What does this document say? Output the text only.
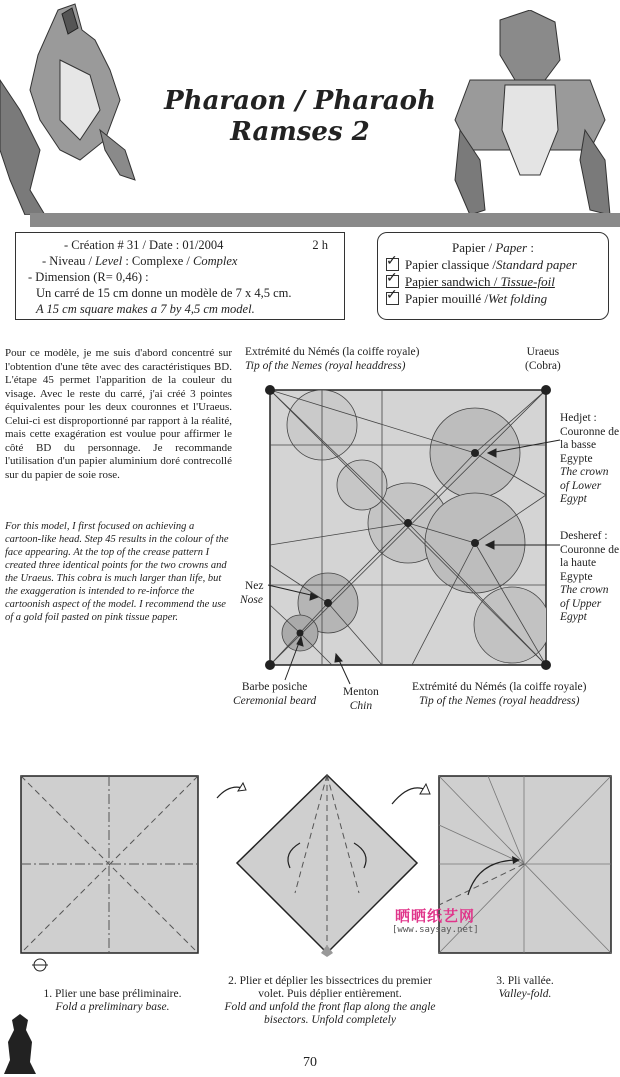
Pharaon / Pharaoh
Ramses 2
- Création # 31 / Date : 01/2004	2 h
- Niveau / Level : Complexe / Complex
- Dimension (R= 0,46) :
Un carré de 15 cm donne un modèle de 7 x 4,5 cm.
A 15 cm square makes a 7 by 4,5 cm model.
Papier / Paper :
✓
Papier classique / Standard paper
✓
Papier sandwich / Tissue-foil
✓
Papier mouillé / Wet folding
Pour ce modèle, je me suis d'abord concentré sur l'obtention d'une tête avec des caractéristiques BD. L'étape 45 permet l'apparition de la couleur du visage. Avec le reste du carré, j'ai créé 3 pointes équivalentes pour les deux couronnes et l'Uraeus. Celui-ci est disproportionné par rapport à la réalité, mais cette exagération est voulue pour affirmer le côté BD du personnage. Je recommande l'utilisation d'un papier aluminium doré contrecollé sur du papier de soie rose.
For this model, I first focused on achieving a cartoon-like head. Step 45 results in the colour of the face appearing. At the top of the crease pattern I created three identical points for the two crowns and the Uraeus. This cobra is much larger than life, but the exaggeration is intended to re-inforce the cartoonish aspect of the model. I recommend the use of a gold foil pasted on pink tissue paper.
Extrémité du Némés (la coiffe royale)
Tip of the Nemes (royal headdress)
Uraeus
(Cobra)
Hedjet :
Couronne de la basse Egypte
The crown of Lower Egypt
Desheref :
Couronne de la haute Egypte
The crown of Upper Egypt
Nez
Nose
Barbe posiche
Ceremonial beard
Menton
Chin
Extrémité du Némés (la coiffe royale)
Tip of the Nemes (royal headdress)
晒晒纸艺网
[www.saysay.net]
1. Plier une base préliminaire.
Fold a preliminary base.
2. Plier et déplier les bissectrices du premier volet. Puis déplier entièrement.
Fold and unfold the front flap along the angle bisectors. Unfold completely
3. Pli vallée.
Valley-fold.
70
